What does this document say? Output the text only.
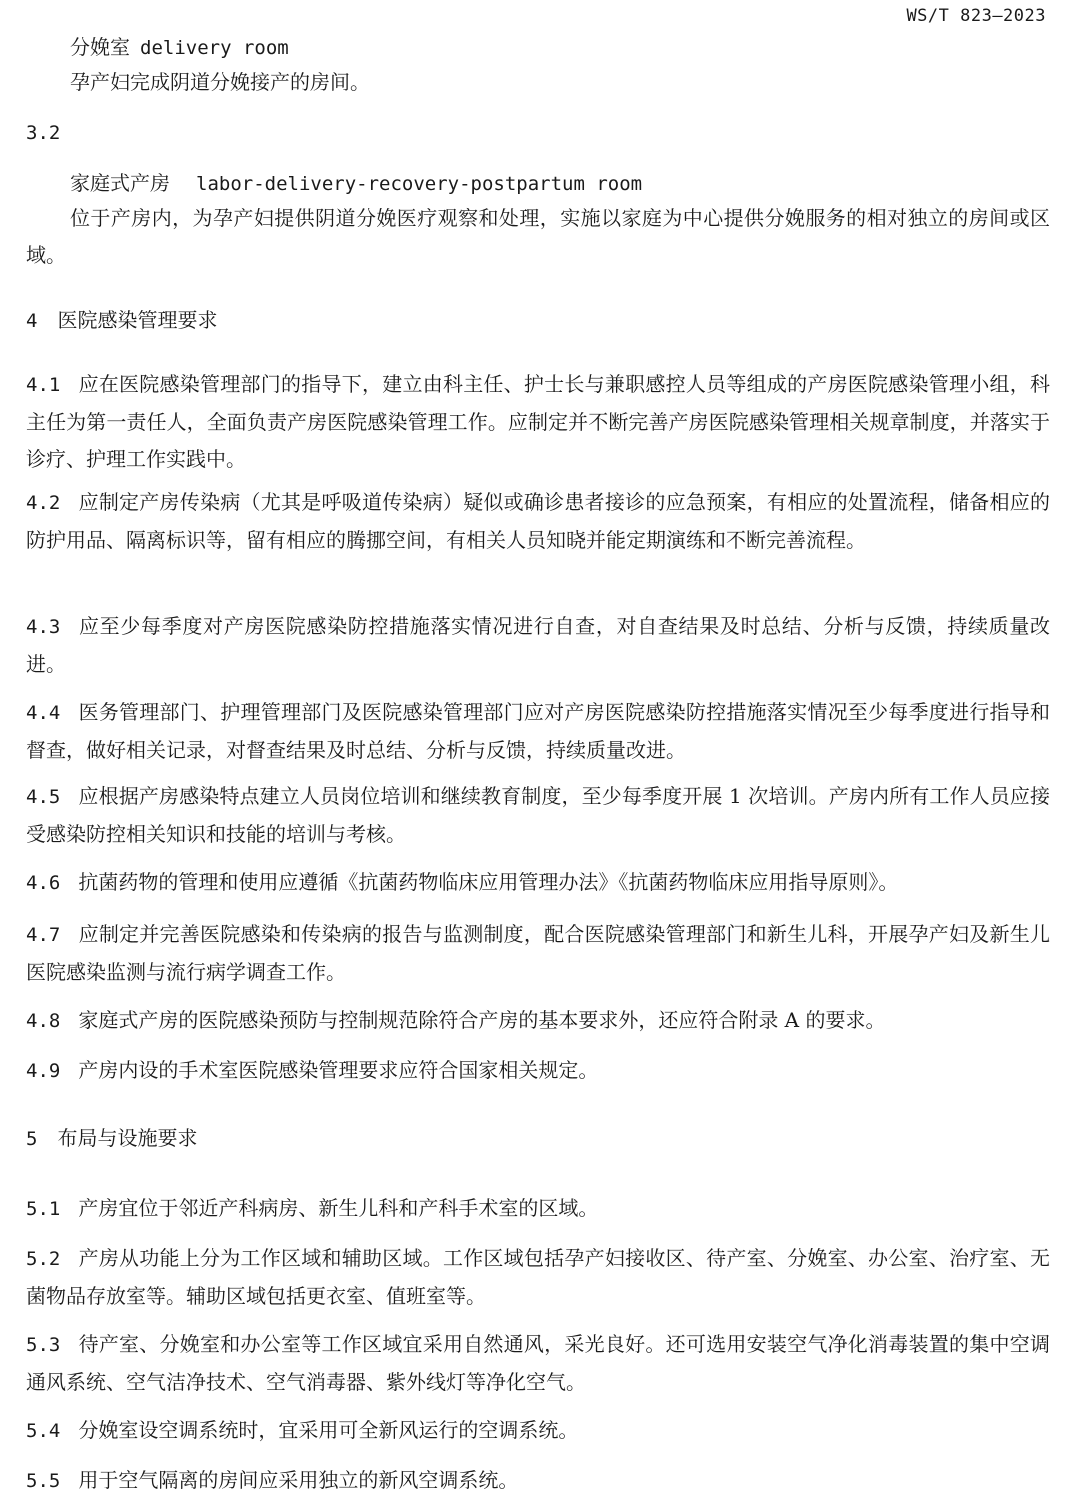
WS/T 823—2023
分娩室 delivery room

孕产妇完成阴道分娩接产的房间。

3.2
家庭式产房 labor-delivery-recovery-postpartum room

位于产房内，为孕产妇提供阴道分娩医疗观察和处理，实施以家庭为中心提供分娩服务的相对独立的房间或区域。

4 医院感染管理要求

4.1 应在医院感染管理部门的指导下，建立由科主任、护士长与兼职感控人员等组成的产房医院感染管理小组，科主任为第一责任人，全面负责产房医院感染管理工作。应制定并不断完善产房医院感染管理相关规章制度，并落实于诊疗、护理工作实践中。

4.2 应制定产房传染病（尤其是呼吸道传染病）疑似或确诊患者接诊的应急预案，有相应的处置流程，储备相应的防护用品、隔离标识等，留有相应的腾挪空间，有相关人员知晓并能定期演练和不断完善流程。

4.3 应至少每季度对产房医院感染防控措施落实情况进行自查，对自查结果及时总结、分析与反馈，持续质量改进。

4.4 医务管理部门、护理管理部门及医院感染管理部门应对产房医院感染防控措施落实情况至少每季度进行指导和督查，做好相关记录，对督查结果及时总结、分析与反馈，持续质量改进。

4.5 应根据产房感染特点建立人员岗位培训和继续教育制度，至少每季度开展 1 次培训。产房内所有工作人员应接受感染防控相关知识和技能的培训与考核。

4.6 抗菌药物的管理和使用应遵循《抗菌药物临床应用管理办法》《抗菌药物临床应用指导原则》。

4.7 应制定并完善医院感染和传染病的报告与监测制度，配合医院感染管理部门和新生儿科，开展孕产妇及新生儿医院感染监测与流行病学调查工作。

4.8 家庭式产房的医院感染预防与控制规范除符合产房的基本要求外，还应符合附录 A 的要求。

4.9 产房内设的手术室医院感染管理要求应符合国家相关规定。

5 布局与设施要求

5.1 产房宜位于邻近产科病房、新生儿科和产科手术室的区域。

5.2 产房从功能上分为工作区域和辅助区域。工作区域包括孕产妇接收区、待产室、分娩室、办公室、治疗室、无菌物品存放室等。辅助区域包括更衣室、值班室等。

5.3 待产室、分娩室和办公室等工作区域宜采用自然通风，采光良好。还可选用安装空气净化消毒装置的集中空调通风系统、空气洁净技术、空气消毒器、紫外线灯等净化空气。

5.4 分娩室设空调系统时，宜采用可全新风运行的空调系统。

5.5 用于空气隔离的房间应采用独立的新风空调系统。
